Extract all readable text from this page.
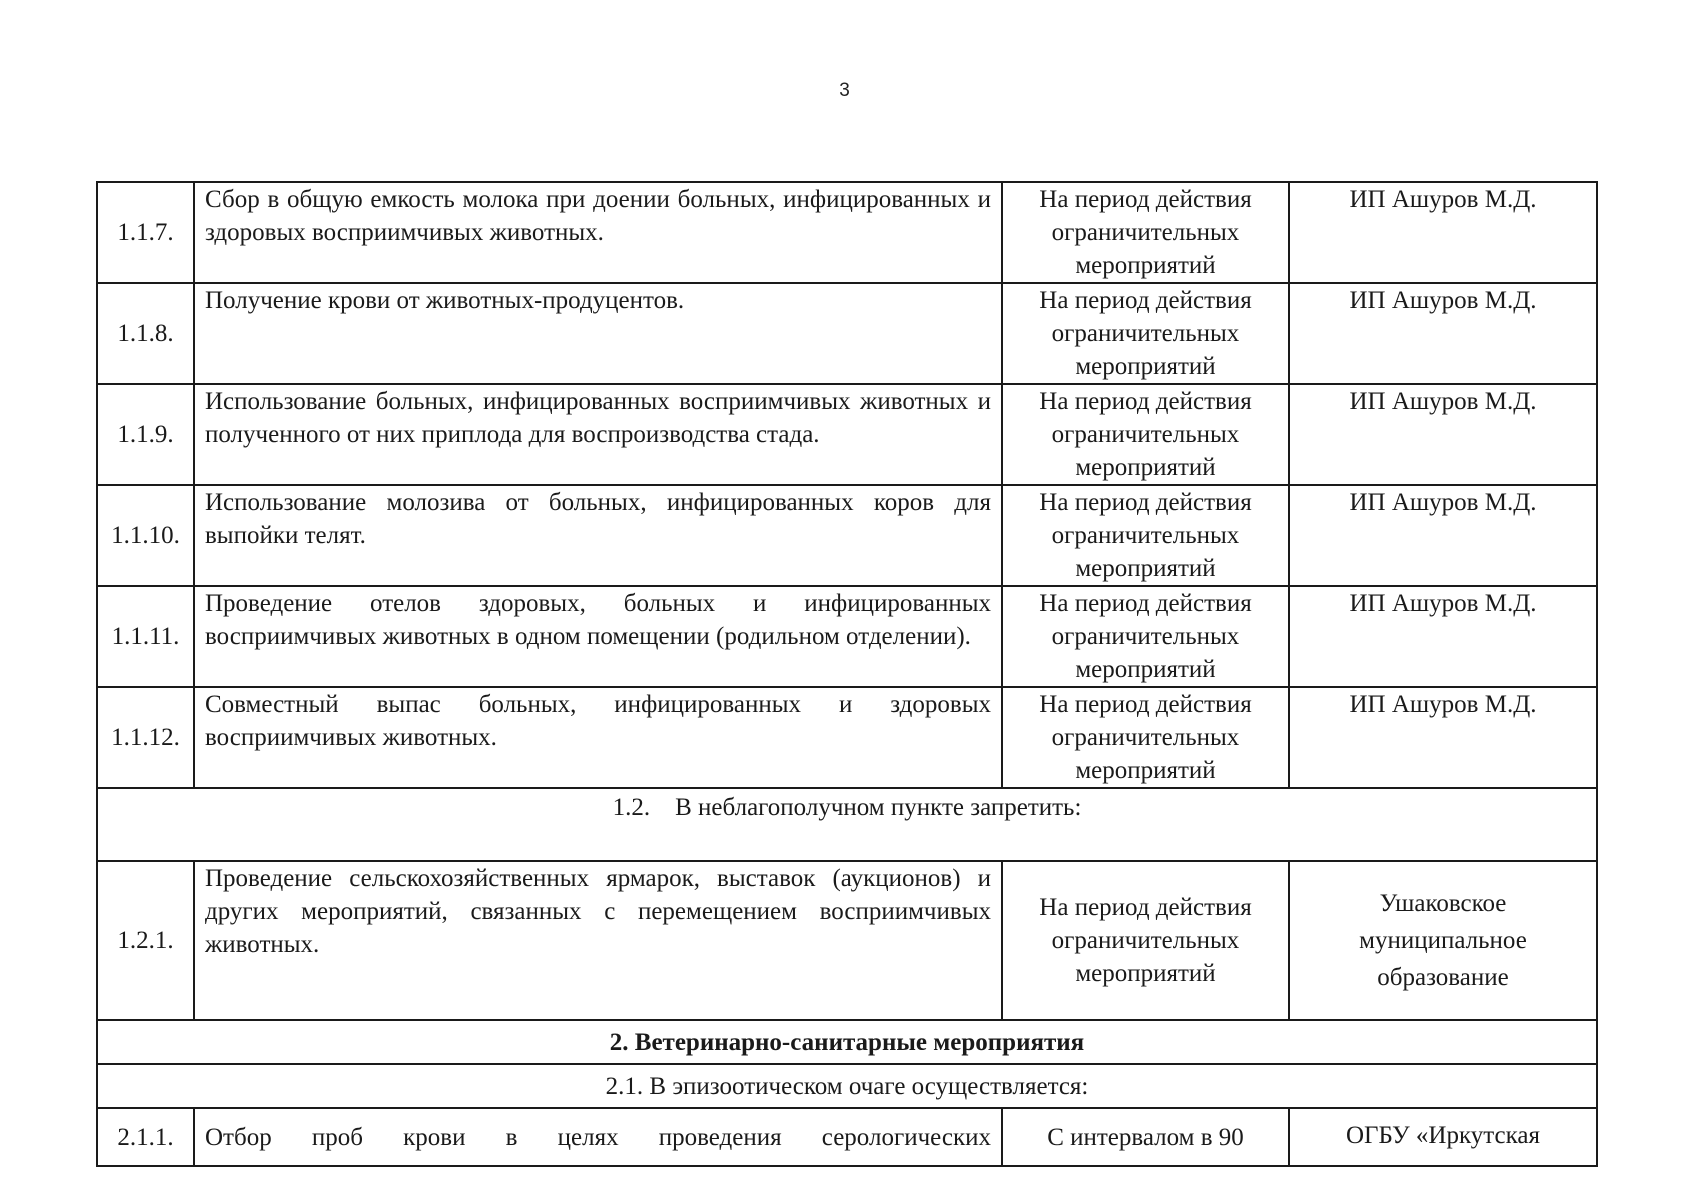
3
1.1.7.	Сбор в общую емкость молока при доении больных, инфицированных и здоровых восприимчивых животных.	На период действия ограничительных мероприятий	ИП Ашуров М.Д.
1.1.8.	Получение крови от животных-продуцентов.	На период действия ограничительных мероприятий	ИП Ашуров М.Д.
1.1.9.	Использование больных, инфицированных восприимчивых животных и полученного от них приплода для воспроизводства стада.	На период действия ограничительных мероприятий	ИП Ашуров М.Д.
1.1.10.	Использование молозива от больных, инфицированных коров для выпойки телят.	На период действия ограничительных мероприятий	ИП Ашуров М.Д.
1.1.11.	Проведение отелов здоровых, больных и инфицированных восприимчивых животных в одном помещении (родильном отделении).	На период действия ограничительных мероприятий	ИП Ашуров М.Д.
1.1.12.	Совместный выпас больных, инфицированных и здоровых восприимчивых животных.	На период действия ограничительных мероприятий	ИП Ашуров М.Д.
1.2.    В неблагополучном пункте запретить:			
1.2.1.	Проведение сельскохозяйственных ярмарок, выставок (аукционов) и других мероприятий, связанных с перемещением восприимчивых животных.	На период действия ограничительных мероприятий	Ушаковское муниципальное образование
2. Ветеринарно-санитарные мероприятия			
2.1. В эпизоотическом очаге осуществляется:			
2.1.1.	Отбор проб крови в целях проведения серологических	С интервалом в 90	ОГБУ «Иркутская
